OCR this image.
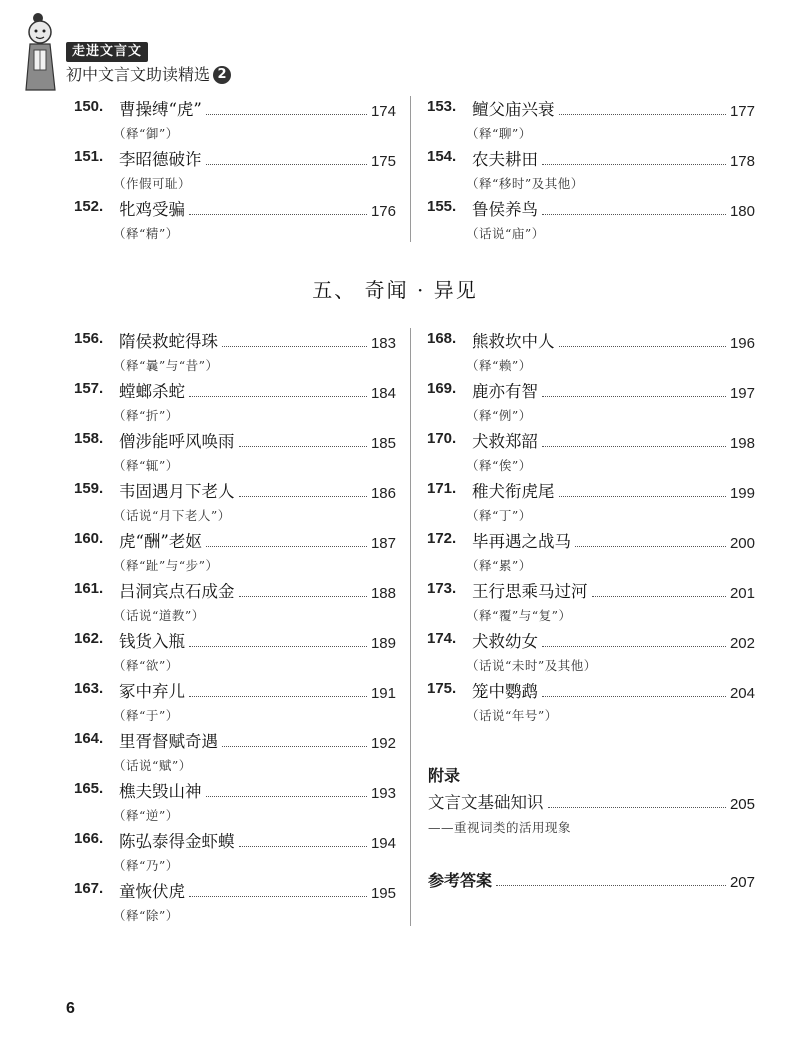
走进文言文
初中文言文助读精选 2
150. 曹操缚“虎”	174
（释“御”）
151. 李昭德破诈	175
（作假可耻）
152. 牝鸡受骗	176
（释“精”）
153. 鳣父庙兴衰	177
（释“聊”）
154. 农夫耕田	178
（释“移时”及其他）
155. 鲁侯养鸟	180
（话说“庙”）
五、 奇闻 · 异见
156. 隋侯救蛇得珠	183
（释“曩”与“昔”）
157. 螳螂杀蛇	184
（释“折”）
158. 僧涉能呼风唤雨	185
（释“辄”）
159. 韦固遇月下老人	186
（话说“月下老人”）
160. 虎“酬”老妪	187
（释“趾”与“步”）
161. 吕洞宾点石成金	188
（话说“道教”）
162. 钱货入瓶	189
（释“欲”）
163. 冢中弃儿	191
（释“于”）
164. 里胥督赋奇遇	192
（话说“赋”）
165. 樵夫毁山神	193
（释“逆”）
166. 陈弘泰得金虾蟆	194
（释“乃”）
167. 童恢伏虎	195
（释“除”）
168. 熊救坎中人	196
（释“赖”）
169. 鹿亦有智	197
（释“例”）
170. 犬救郑韶	198
（释“俟”）
171. 稚犬衔虎尾	199
（释“丁”）
172. 毕再遇之战马	200
（释“累”）
173. 王行思乘马过河	201
（释“覆”与“复”）
174. 犬救幼女	202
（话说“未时”及其他）
175. 笼中鹦鹉	204
（话说“年号”）
附录
文言文基础知识	205
——重视词类的活用现象
参考答案	207
6
